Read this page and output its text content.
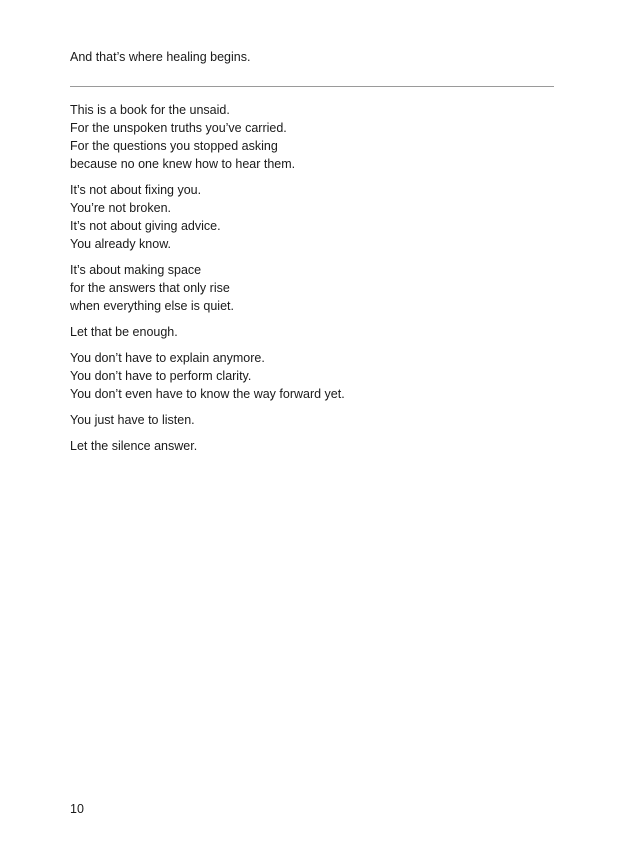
And that’s where healing begins.

This is a book for the unsaid.
For the unspoken truths you’ve carried.
For the questions you stopped asking
because no one knew how to hear them.
It’s not about fixing you.
You’re not broken.
It’s not about giving advice.
You already know.
It’s about making space
for the answers that only rise
when everything else is quiet.
Let that be enough.
You don’t have to explain anymore.
You don’t have to perform clarity.
You don’t even have to know the way forward yet.
You just have to listen.
Let the silence answer.

10
